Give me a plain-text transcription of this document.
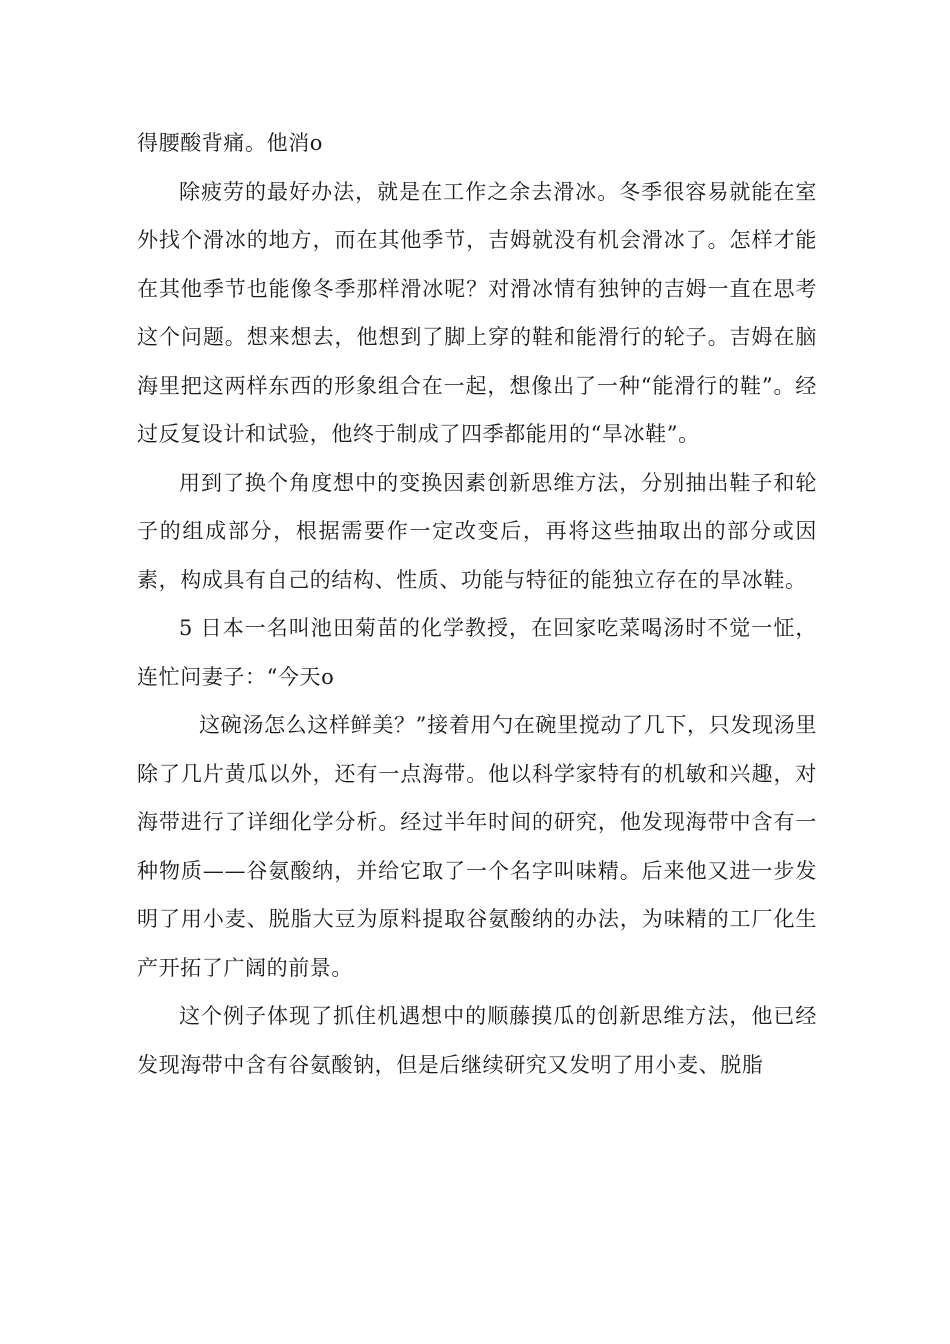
得腰酸背痛。他消o

除疲劳的最好办法，就是在工作之余去滑冰。冬季很容易就能在室外找个滑冰的地方，而在其他季节，吉姆就没有机会滑冰了。怎样才能在其他季节也能像冬季那样滑冰呢？对滑冰情有独钟的吉姆一直在思考这个问题。想来想去，他想到了脚上穿的鞋和能滑行的轮子。吉姆在脑海里把这两样东西的形象组合在一起，想像出了一种“能滑行的鞋”。经过反复设计和试验，他终于制成了四季都能用的“旱冰鞋”。

用到了换个角度想中的变换因素创新思维方法，分别抽出鞋子和轮子的组成部分，根据需要作一定改变后，再将这些抽取出的部分或因素，构成具有自己的结构、性质、功能与特征的能独立存在的旱冰鞋。

5 日本一名叫池田菊苗的化学教授，在回家吃菜喝汤时不觉一怔，连忙问妻子：“今天o

这碗汤怎么这样鲜美？”接着用勺在碗里搅动了几下，只发现汤里除了几片黄瓜以外，还有一点海带。他以科学家特有的机敏和兴趣，对海带进行了详细化学分析。经过半年时间的研究，他发现海带中含有一种物质——谷氨酸纳，并给它取了一个名字叫味精。后来他又进一步发明了用小麦、脱脂大豆为原料提取谷氨酸纳的办法，为味精的工厂化生产开拓了广阔的前景。

这个例子体现了抓住机遇想中的顺藤摸瓜的创新思维方法，他已经发现海带中含有谷氨酸钠，但是后继续研究又发明了用小麦、脱脂
